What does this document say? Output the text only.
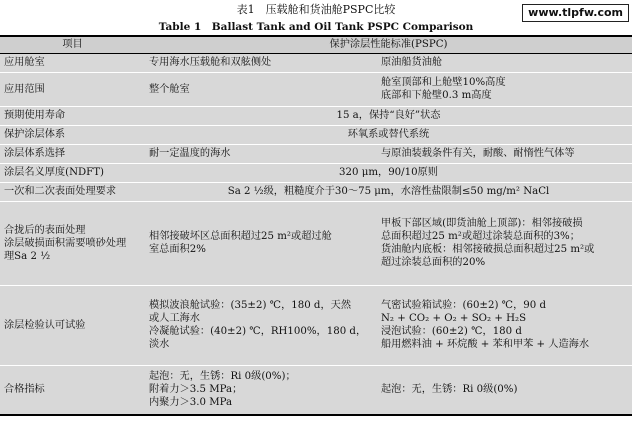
表1　压载舱和货油舱PSPC比较
Table 1　Ballast Tank and Oil Tank PSPC Comparison
www.tlpfw.com
项目	保护涂层性能标准(PSPC)	
应用舱室	专用海水压载舱和双舷侧处	原油船货油舱
应用范围	整个舱室	舱室顶部和上舱壁10%高度
底部和下舱壁0.3 m高度

预期使用寿命	15 a，保持“良好”状态	
保护涂层体系	环氧系或替代系统	
涂层体系选择	耐一定温度的海水	与原油装载条件有关，耐酸、耐惰性气体等
涂层名义厚度(NDFT)	320 μm，90/10原则	
一次和二次表面处理要求	Sa 2 ½级，粗糙度介于30～75 μm，水溶性盐限制≤50 mg/m² NaCl	

合拢后的表面处理
涂层破损面积需要喷砂处理
理Sa 2 ½	相邻接破坏区总面积超过25 m²或超过舱
室总面积2%	甲板下部区域(即货油舱上顶部)：相邻接破损
总面积超过25 m²或超过涂装总面积的3%；
货油舱内底板：相邻接破损总面积超过25 m²或
超过涂装总面积的20%

涂层检验认可试验	模拟波浪舱试验：(35±2) ℃，180 d，天然
或人工海水
冷凝舱试验：(40±2) ℃，RH100%，180 d，
淡水	气密试验箱试验：(60±2) ℃，90 d
N₂ + CO₂ + O₂ + SO₂ + H₂S
浸泡试验：(60±2) ℃，180 d
船用燃料油 + 环烷酸 + 苯和甲苯 + 人造海水

合格指标	起泡：无，生锈：Ri 0级(0%)；
附着力＞3.5 MPa；
内聚力＞3.0 MPa	起泡：无，生锈：Ri 0级(0%)
